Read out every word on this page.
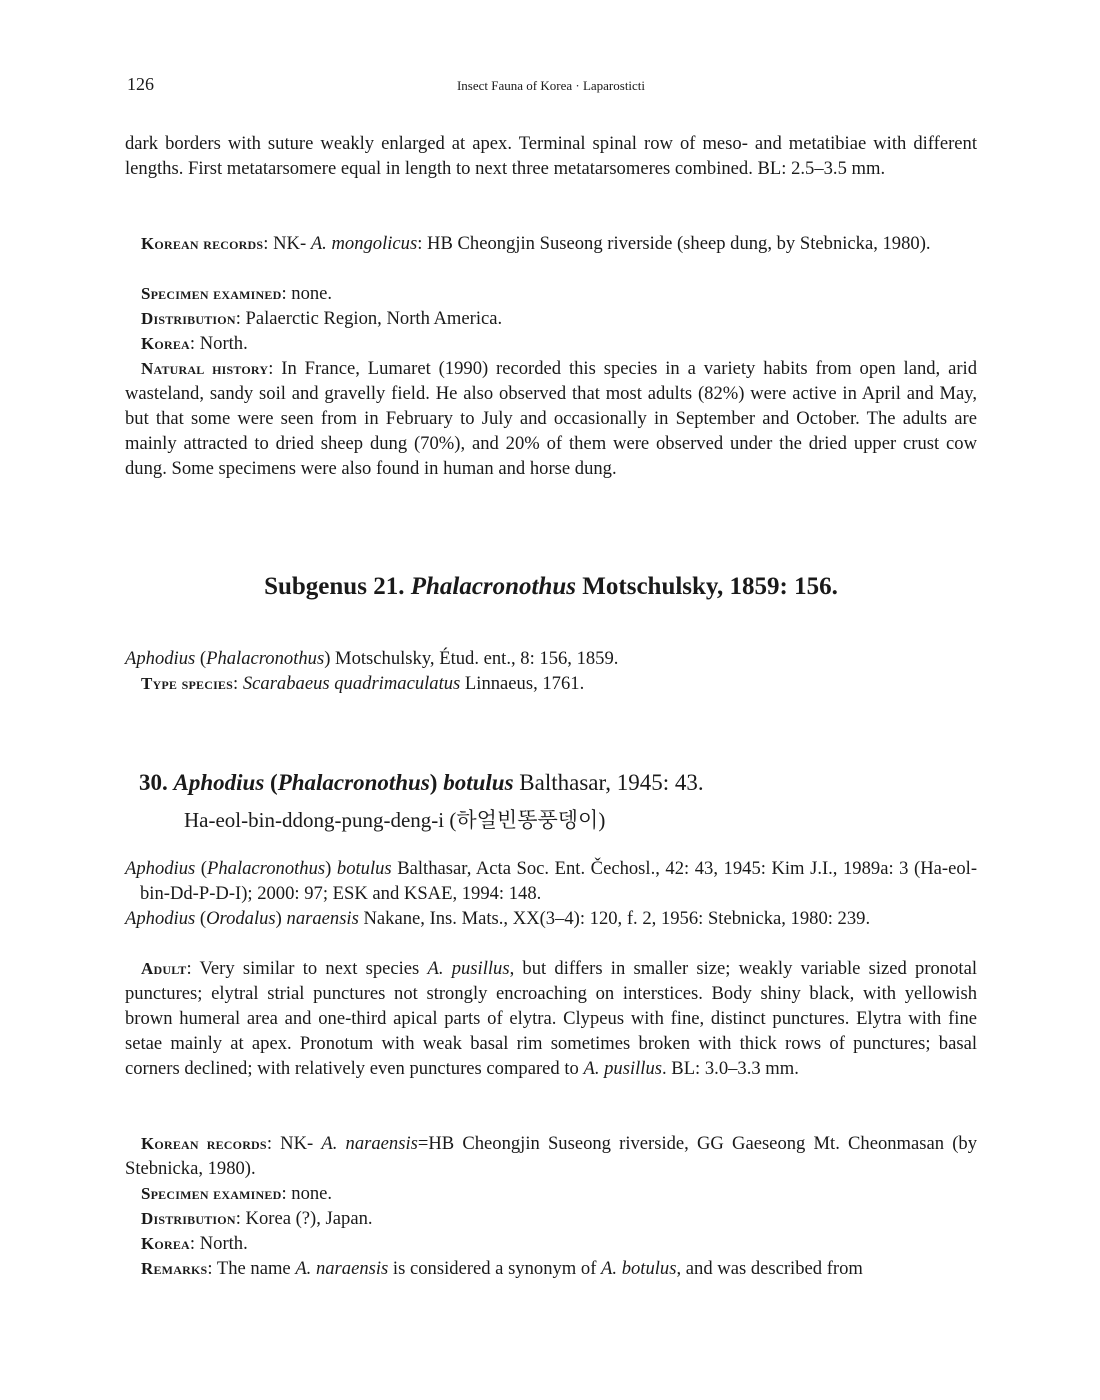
126	Insect Fauna of Korea · Laparosticti

dark borders with suture weakly enlarged at apex. Terminal spinal row of meso- and metatibiae with different lengths. First metatarsomere equal in length to next three metatarsomeres combined. BL: 2.5–3.5 mm.

Korean records: NK- A. mongolicus: HB Cheongjin Suseong riverside (sheep dung, by Stebnicka, 1980).

Specimen examined: none.

Distribution: Palaerctic Region, North America.

Korea: North.

Natural history: In France, Lumaret (1990) recorded this species in a variety habits from open land, arid wasteland, sandy soil and gravelly field. He also observed that most adults (82%) were active in April and May, but that some were seen from in February to July and occasionally in September and October. The adults are mainly attracted to dried sheep dung (70%), and 20% of them were observed under the dried upper crust cow dung. Some specimens were also found in human and horse dung.

Subgenus 21. Phalacronothus Motschulsky, 1859: 156.

Aphodius (Phalacronothus) Motschulsky, Étud. ent., 8: 156, 1859.

Type species: Scarabaeus quadrimaculatus Linnaeus, 1761.

30. Aphodius (Phalacronothus) botulus Balthasar, 1945: 43.
Ha-eol-bin-ddong-pung-deng-i (하얼빈똥풍뎅이)

Aphodius (Phalacronothus) botulus Balthasar, Acta Soc. Ent. Čechosl., 42: 43, 1945: Kim J.I., 1989a: 3 (Ha-eol-bin-Dd-P-D-I); 2000: 97; ESK and KSAE, 1994: 148.

Aphodius (Orodalus) naraensis Nakane, Ins. Mats., XX(3–4): 120, f. 2, 1956: Stebnicka, 1980: 239.

Adult: Very similar to next species A. pusillus, but differs in smaller size; weakly variable sized pronotal punctures; elytral strial punctures not strongly encroaching on interstices. Body shiny black, with yellowish brown humeral area and one-third apical parts of elytra. Clypeus with fine, distinct punctures. Elytra with fine setae mainly at apex. Pronotum with weak basal rim sometimes broken with thick rows of punctures; basal corners declined; with relatively even punctures compared to A. pusillus. BL: 3.0–3.3 mm.

Korean records: NK- A. naraensis=HB Cheongjin Suseong riverside, GG Gaeseong Mt. Cheonmasan (by Stebnicka, 1980).

Specimen examined: none.

Distribution: Korea (?), Japan.

Korea: North.

Remarks: The name A. naraensis is considered a synonym of A. botulus, and was described from
